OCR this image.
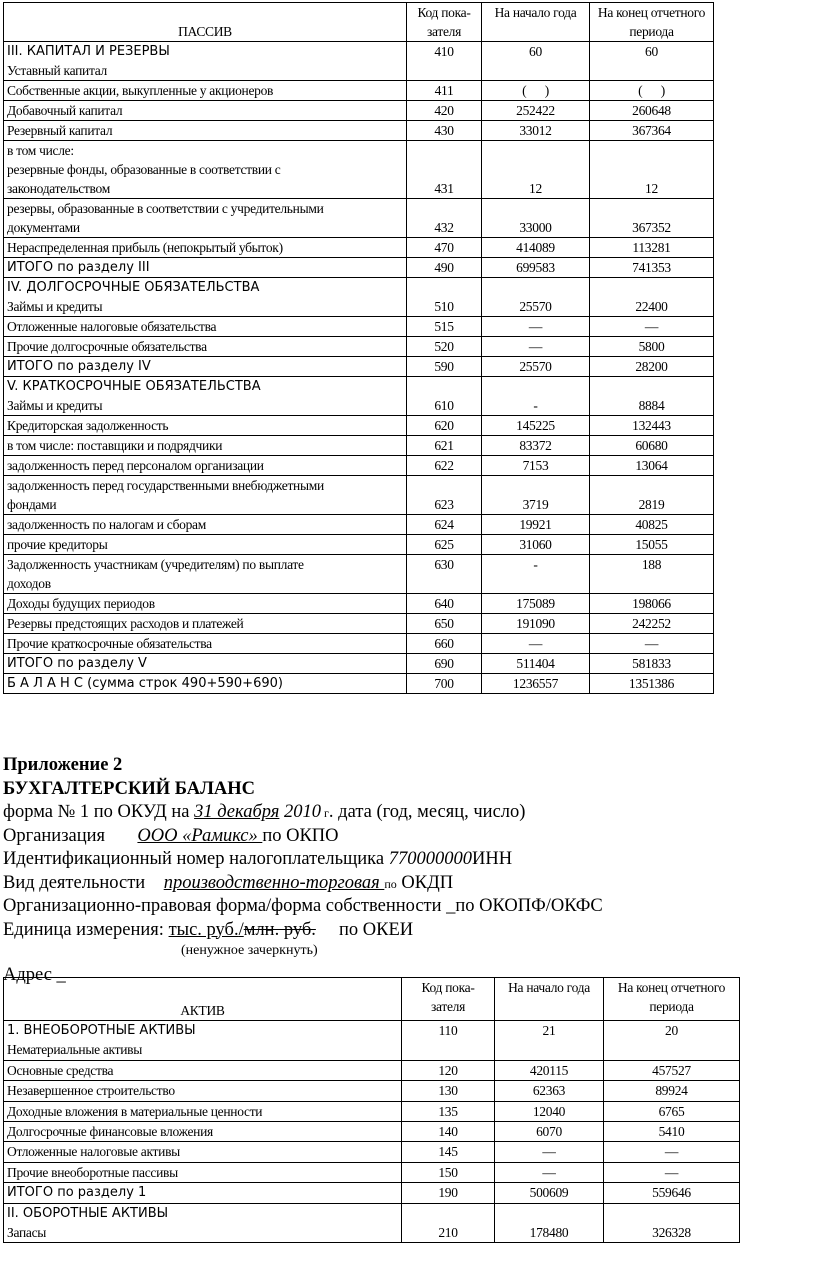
ПАССИВ	Код пока-зателя	На начало года	На конец отчетного периода

III. КАПИТАЛ И РЕЗЕРВЫ
Уставный капитал	410	60	60

Собственные акции, выкупленные у акционеров	411	(      )	(      )

Добавочный капитал	420	252422	260648

Резервный капитал	430	33012	367364

в том числе:
резервные фонды, образованные в соответствии с
законодательством	431	12	12

резервы, образованные в соответствии с учредительными
документами	432	33000	367352

Нераспределенная прибыль (непокрытый убыток)	470	414089	113281

ИТОГО по разделу III	490	699583	741353

IV. ДОЛГОСРОЧНЫЕ ОБЯЗАТЕЛЬСТВА
Займы и кредиты	510	25570	22400

Отложенные налоговые обязательства	515	—	—

Прочие долгосрочные обязательства	520	—	5800

ИТОГО по разделу IV	590	25570	28200

V. КРАТКОСРОЧНЫЕ ОБЯЗАТЕЛЬСТВА
Займы и кредиты	610	-	8884

Кредиторская задолженность	620	145225	132443

в том числе: поставщики и подрядчики	621	83372	60680

задолженность перед персоналом организации	622	7153	13064

задолженность перед государственными внебюджетными
фондами	623	3719	2819

задолженность по налогам и сборам	624	19921	40825

прочие кредиторы	625	31060	15055

Задолженность участникам (учредителям) по выплате
доходов	630	-	188

Доходы будущих периодов	640	175089	198066

Резервы предстоящих расходов и платежей	650	191090	242252

Прочие краткосрочные обязательства	660	—	—

ИТОГО по разделу V	690	511404	581833

Б А Л А Н С (сумма строк 490+590+690)	700	1236557	1351386
Приложение 2
БУХГАЛТЕРСКИЙ БАЛАНС
форма № 1 по ОКУД на 31 декабря 2010 г. дата (год, месяц, число)
Организация       ООО «Рамикс» по ОКПО
Идентификационный номер налогоплательщика 770000000ИНН
Вид деятельности    производственно-торговая по ОКДП
Организационно-правовая форма/форма собственности _по ОКОПФ/ОКФС
Единица измерения: тыс. руб./млн. руб.     по ОКЕИ
(ненужное зачеркнуть)
Адрес _
АКТИВ	Код пока-зателя	На начало года	На конец отчетного периода

1. ВНЕОБОРОТНЫЕ АКТИВЫ
Нематериальные активы	110	21	20

Основные средства	120	420115	457527

Незавершенное строительство	130	62363	89924

Доходные вложения в материальные ценности	135	12040	6765

Долгосрочные финансовые вложения	140	6070	5410

Отложенные налоговые активы	145	—	—

Прочие внеоборотные пассивы	150	—	—

ИТОГО по разделу 1	190	500609	559646

II. ОБОРОТНЫЕ АКТИВЫ
Запасы	210	178480	326328
